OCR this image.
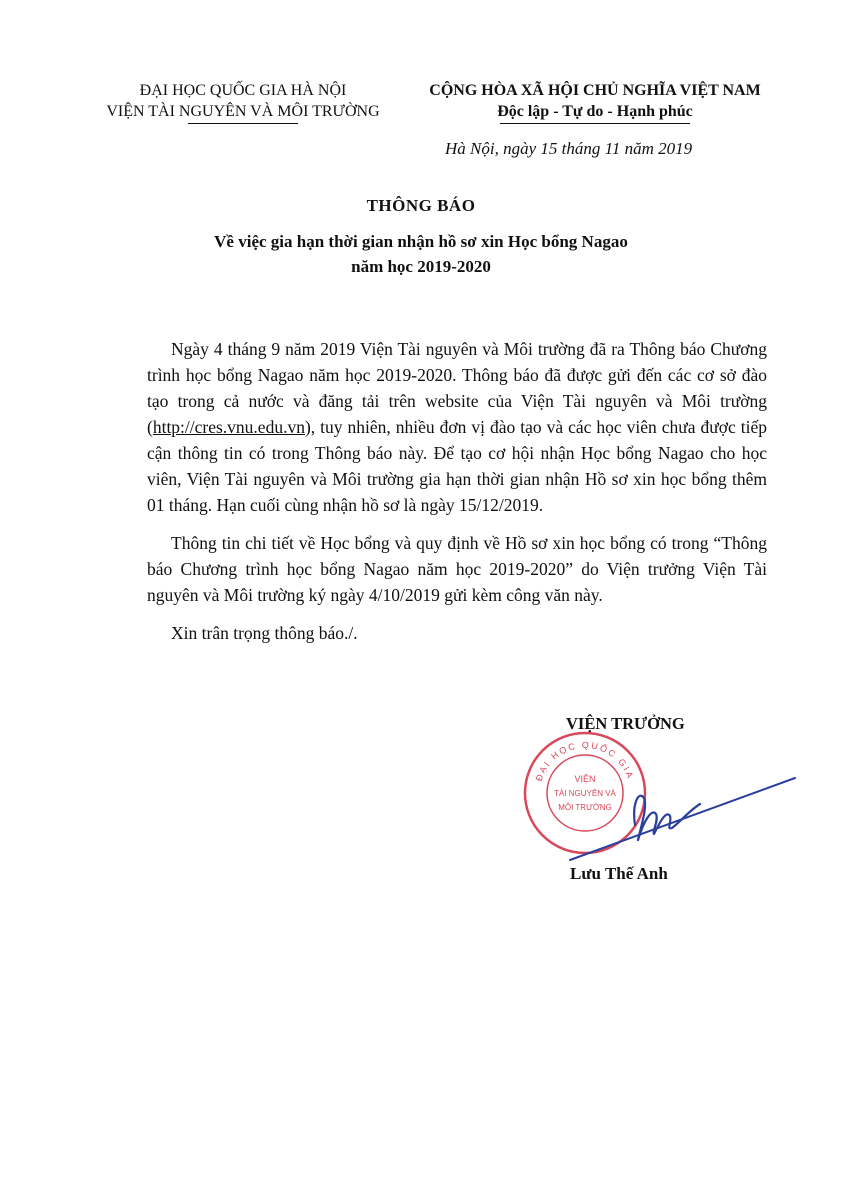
ĐẠI HỌC QUỐC GIA HÀ NỘI

VIỆN TÀI NGUYÊN VÀ MÔI TRƯỜNG
CỘNG HÒA XÃ HỘI CHỦ NGHĨA VIỆT NAM
Độc lập - Tự do - Hạnh phúc
Hà Nội, ngày 15 tháng 11 năm 2019
THÔNG BÁO
Về việc gia hạn thời gian nhận hồ sơ xin Học bổng Nagao
năm học 2019-2020

Ngày 4 tháng 9 năm 2019 Viện Tài nguyên và Môi trường đã ra Thông báo Chương trình học bổng Nagao năm học 2019-2020. Thông báo đã được gửi đến các cơ sở đào tạo trong cả nước và đăng tải trên website của Viện Tài nguyên và Môi trường (http://cres.vnu.edu.vn), tuy nhiên, nhiều đơn vị đào tạo và các học viên chưa được tiếp cận thông tin có trong Thông báo này. Để tạo cơ hội nhận Học bổng Nagao cho học viên, Viện Tài nguyên và Môi trường gia hạn thời gian nhận Hồ sơ xin học bổng thêm 01 tháng. Hạn cuối cùng nhận hồ sơ là ngày 15/12/2019.

Thông tin chi tiết về Học bổng và quy định về Hồ sơ xin học bổng có trong “Thông báo Chương trình học bổng Nagao năm học 2019-2020” do Viện trưởng Viện Tài nguyên và Môi trường ký ngày 4/10/2019 gửi kèm công văn này.

Xin trân trọng thông báo./.

VIỆN TRƯỞNG
ĐẠI HỌC QUỐC GIA
VIỆN
TÀI NGUYÊN VÀ
MÔI TRƯỜNG
Lưu Thế Anh
